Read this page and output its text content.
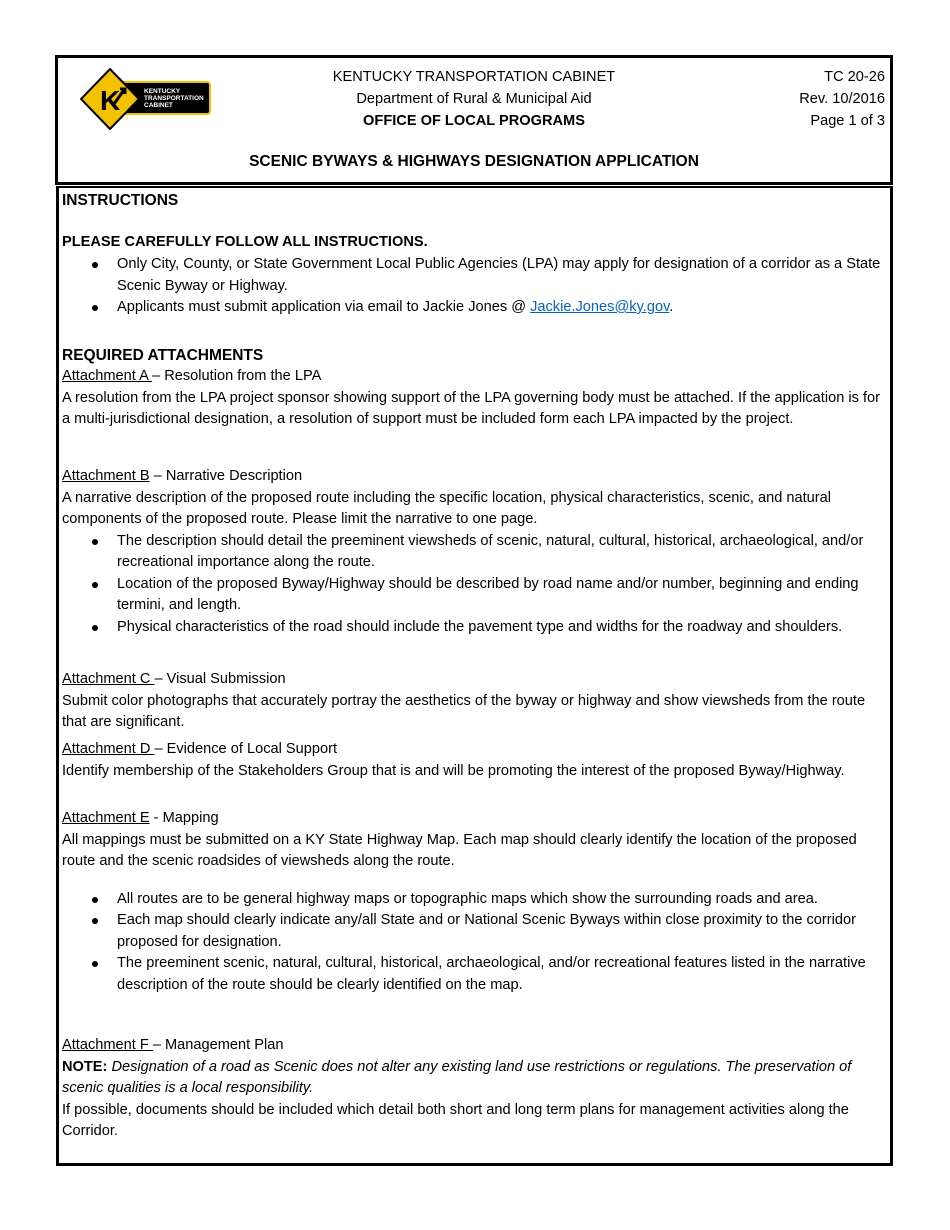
K	KENTUCKY
TRANSPORTATION
CABINET
KENTUCKY TRANSPORTATION CABINET
Department of Rural & Municipal Aid
OFFICE OF LOCAL PROGRAMS
TC 20-26
Rev. 10/2016
Page 1 of 3
SCENIC BYWAYS & HIGHWAYS DESIGNATION APPLICATION
INSTRUCTIONS
PLEASE CAREFULLY FOLLOW ALL INSTRUCTIONS.
Only City, County, or State Government Local Public Agencies (LPA) may apply for designation of a corridor as a State Scenic Byway or Highway.
Applicants must submit application via email to Jackie Jones @ Jackie.Jones@ky.gov.
REQUIRED ATTACHMENTS
Attachment A – Resolution from the LPA
A resolution from the LPA project sponsor showing support of the LPA governing body must be attached. If the application is for a multi-jurisdictional designation, a resolution of support must be included form each LPA impacted by the project.
Attachment B – Narrative Description
A narrative description of the proposed route including the specific location, physical characteristics, scenic, and natural components of the proposed route. Please limit the narrative to one page.
The description should detail the preeminent viewsheds of scenic, natural, cultural, historical, archaeological, and/or recreational importance along the route.
Location of the proposed Byway/Highway should be described by road name and/or number, beginning and ending termini, and length.
Physical characteristics of the road should include the pavement type and widths for the roadway and shoulders.
Attachment C – Visual Submission
Submit color photographs that accurately portray the aesthetics of the byway or highway and show viewsheds from the route that are significant.
Attachment D – Evidence of Local Support
Identify membership of the Stakeholders Group that is and will be promoting the interest of the proposed Byway/Highway.
Attachment E - Mapping
All mappings must be submitted on a KY State Highway Map. Each map should clearly identify the location of the proposed route and the scenic roadsides of viewsheds along the route.
All routes are to be general highway maps or topographic maps which show the surrounding roads and area.
Each map should clearly indicate any/all State and or National Scenic Byways within close proximity to the corridor proposed for designation.
The preeminent scenic, natural, cultural, historical, archaeological, and/or recreational features listed in the narrative description of the route should be clearly identified on the map.
Attachment F – Management Plan
NOTE: Designation of a road as Scenic does not alter any existing land use restrictions or regulations. The preservation of scenic qualities is a local responsibility.
If possible, documents should be included which detail both short and long term plans for management activities along the Corridor.
